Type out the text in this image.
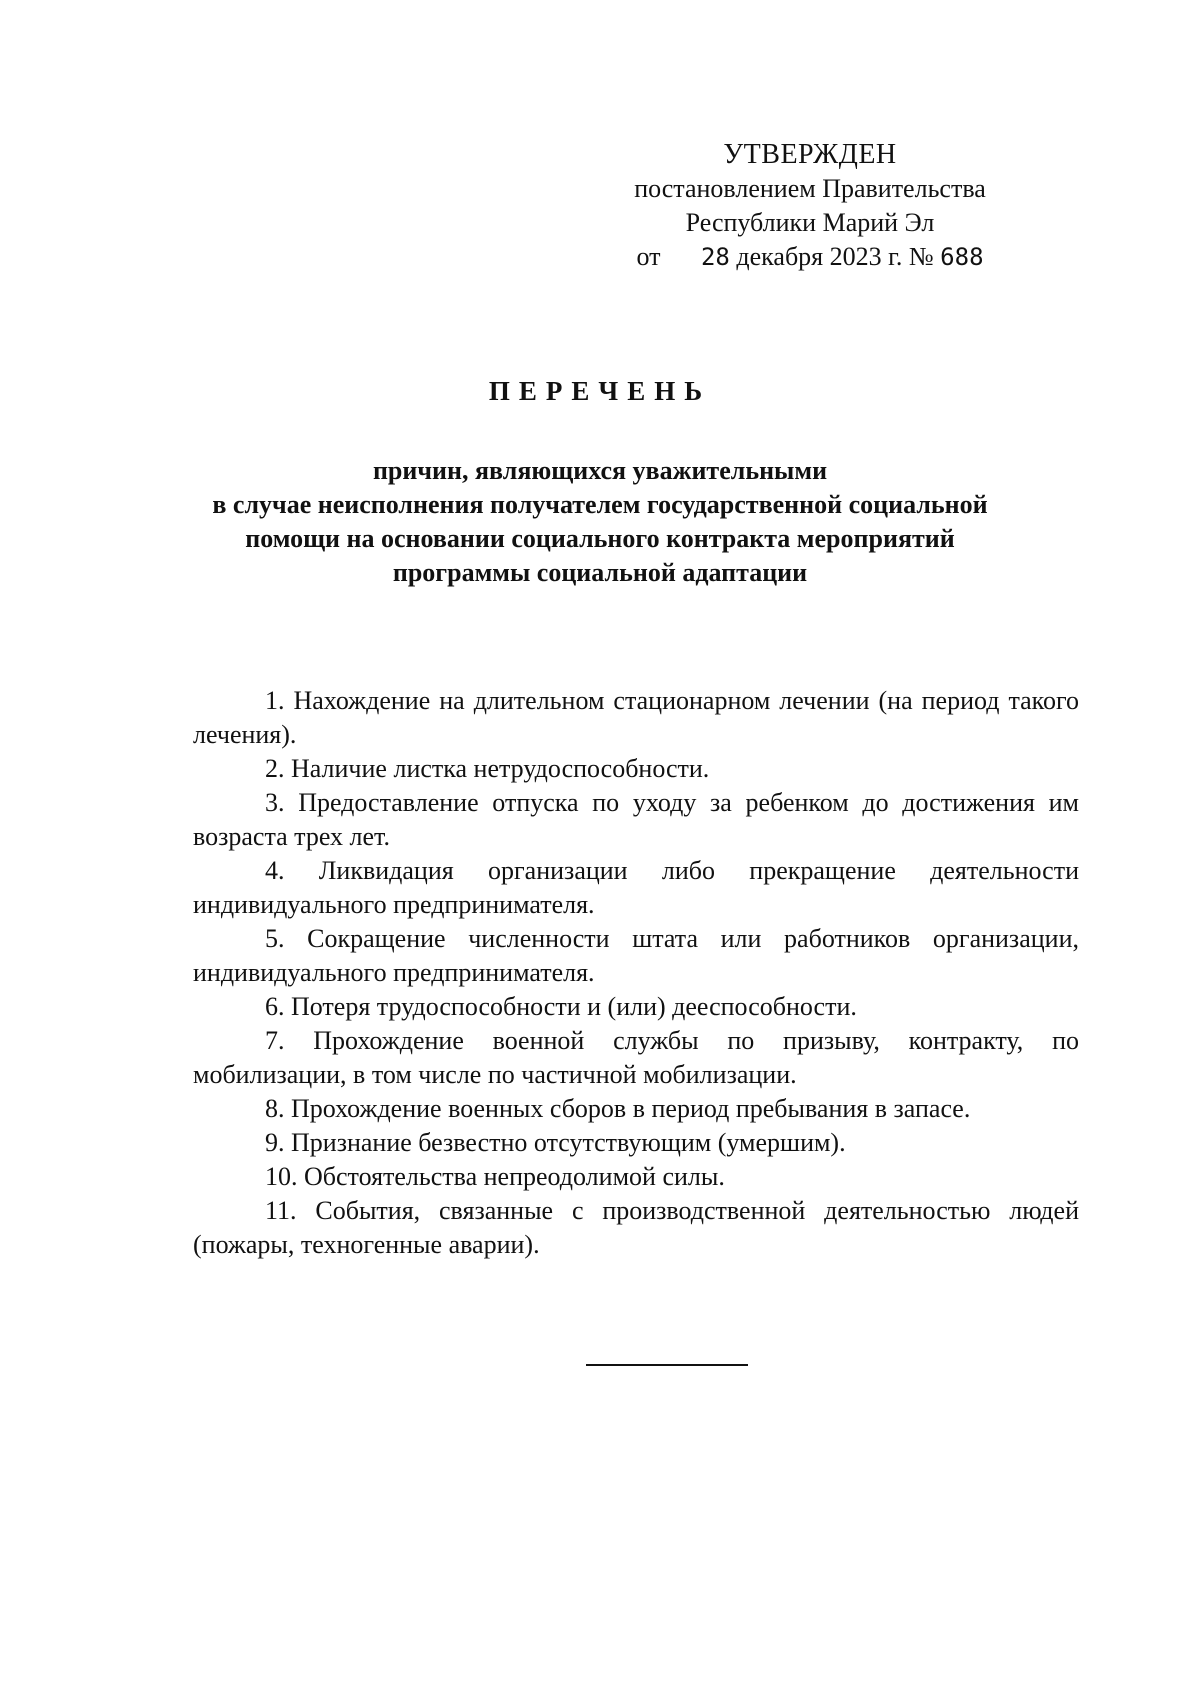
УТВЕРЖДЕН
постановлением Правительства
Республики Марий Эл
от 28 декабря 2023 г. № 688
ПЕРЕЧЕНЬ
причин, являющихся уважительными
в случае неисполнения получателем государственной социальной
помощи на основании социального контракта мероприятий
программы социальной адаптации

1. Нахождение на длительном стационарном лечении (на период такого лечения).

2. Наличие листка нетрудоспособности.

3. Предоставление отпуска по уходу за ребенком до достижения им возраста трех лет.

4. Ликвидация организации либо прекращение деятельности индивидуального предпринимателя.

5. Сокращение численности штата или работников организации, индивидуального предпринимателя.

6. Потеря трудоспособности и (или) дееспособности.

7. Прохождение военной службы по призыву, контракту, по мобилизации, в том числе по частичной мобилизации.

8. Прохождение военных сборов в период пребывания в запасе.

9. Признание безвестно отсутствующим (умершим).

10. Обстоятельства непреодолимой силы.

11. События, связанные с производственной деятельностью людей (пожары, техногенные аварии).
